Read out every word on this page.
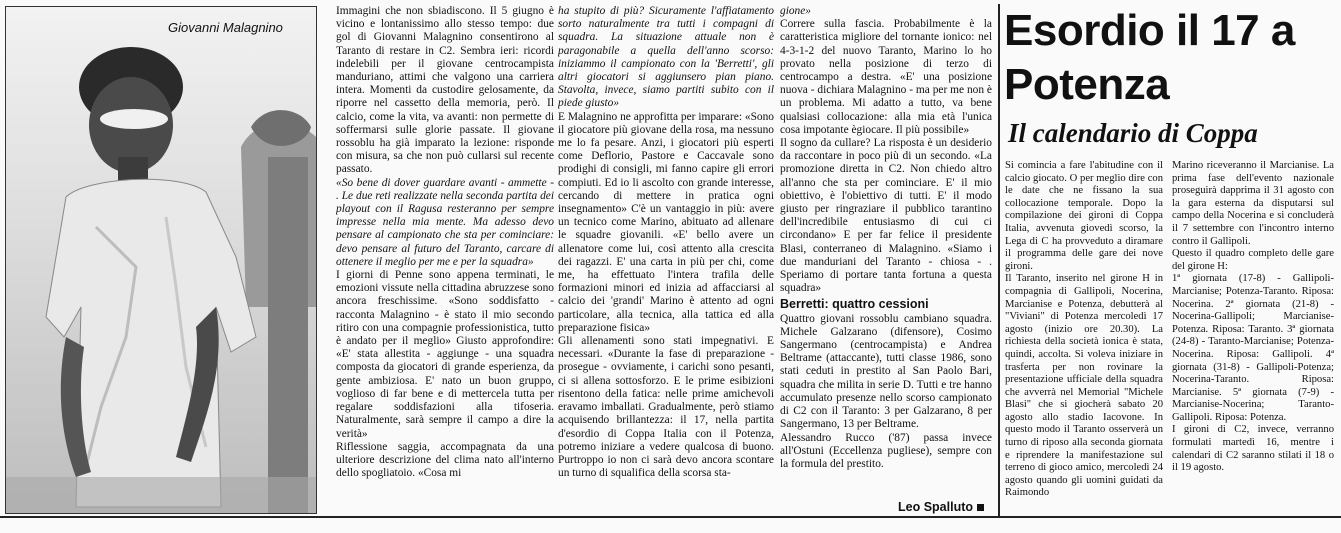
Giovanni Malagnino

Immagini che non sbiadiscono. Il 5 giugno è vicino e lontanissimo allo stesso tempo: due gol di Giovanni Malagnino consentirono al Taranto di restare in C2. Sembra ieri: ricordi indelebili per il giovane centrocampista manduriano, attimi che valgono una carriera intera. Momenti da custodire gelosamente, da riporre nel cassetto della memoria, però. Il calcio, come la vita, va avanti: non permette di soffermarsi sulle glorie passate. Il giovane rossoblu ha già imparato la lezione: risponde con misura, sa che non può cullarsi sul recente passato.

«So bene di dover guardare avanti - ammette - . Le due reti realizzate nella seconda partita dei playout con il Ragusa resteranno per sempre impresse nella mia mente. Ma adesso devo pensare al campionato che sta per cominciare: devo pensare al futuro del Taranto, carcare di ottenere il meglio per me e per la squadra»

I giorni di Penne sono appena terminati, le emozioni vissute nella cittadina abruzzese sono ancora freschissime. «Sono soddisfatto - racconta Malagnino - è stato il mio secondo ritiro con una compagnie professionistica, tutto è andato per il meglio» Giusto approfondire: «E' stata allestita - aggiunge - una squadra composta da giocatori di grande esperienza, da gente ambiziosa. E' nato un buon gruppo, voglioso di far bene e di mettercela tutta per regalare soddisfazioni alla tifoseria. Naturalmente, sarà sempre il campo a dire la verità»

Riflessione saggia, accompagnata da una ulteriore descrizione del clima nato all'interno dello spogliatoio. «Cosa mi

ha stupito di più? Sicuramente l'affiatamento sorto naturalmente tra tutti i compagni di squadra. La situazione attuale non è paragonabile a quella dell'anno scorso: iniziammo il campionato con la 'Berretti', gli altri giocatori si aggiunsero pian piano. Stavolta, invece, siamo partiti subito con il piede giusto»

E Malagnino ne approfitta per imparare: «Sono il giocatore più giovane della rosa, ma nessuno me lo fa pesare. Anzi, i giocatori più esperti come Deflorio, Pastore e Caccavale sono prodighi di consigli, mi fanno capire gli errori compiuti. Ed io li ascolto con grande interesse, cercando di mettere in pratica ogni insegnamento» C'è un vantaggio in più: avere un tecnico come Marino, abituato ad allenare le squadre giovanili. «E' bello avere un allenatore come lui, così attento alla crescita dei ragazzi. E' una carta in più per chi, come me, ha effettuato l'intera trafila delle formazioni minori ed inizia ad affacciarsi al calcio dei 'grandi' Marino è attento ad ogni particolare, alla tecnica, alla tattica ed alla preparazione fisica»

Gli allenamenti sono stati impegnativi. E necessari. «Durante la fase di preparazione - prosegue - ovviamente, i carichi sono pesanti, ci si allena sottosforzo. E le prime esibizioni risentono della fatica: nelle prime amichevoli eravamo imballati. Gradualmente, però stiamo acquisendo brillantezza: il 17, nella partita d'esordio di Coppa Italia con il Potenza, potremo iniziare a vedere qualcosa di buono. Purtroppo io non ci sarà devo ancora scontare un turno di squalifica della scorsa sta-

gione»

Correre sulla fascia. Probabilmente è la caratteristica migliore del tornante ionico: nel 4-3-1-2 del nuovo Taranto, Marino lo ho provato nella posizione di terzo di centrocampo a destra. «E' una posizione nuova - dichiara Malagnino - ma per me non è un problema. Mi adatto a tutto, va bene qualsiasi collocazione: alla mia età l'unica cosa impotante ègiocare. Il più possibile»

Il sogno da cullare? La risposta è un desiderio da raccontare in poco più di un secondo. «La promozione diretta in C2. Non chiedo altro all'anno che sta per cominciare. E' il mio obiettivo, è l'obiettivo di tutti. E' il modo giusto per ringraziare il pubblico tarantino dell'incredibile entusiasmo di cui ci circondano» E per far felice il presidente Blasi, conterraneo di Malagnino. «Siamo i due manduriani del Taranto - chiosa - . Speriamo di portare tanta fortuna a questa squadra»

Berretti: quattro cessioni

Quattro giovani rossoblu cambiano squadra. Michele Galzarano (difensore), Cosimo Sangermano (centrocampista) e Andrea Beltrame (attaccante), tutti classe 1986, sono stati ceduti in prestito al San Paolo Bari, squadra che milita in serie D. Tutti e tre hanno accumulato presenze nello scorso campionato di C2 con il Taranto: 3 per Galzarano, 8 per Sangermano, 13 per Beltrame.

Alessandro Rucco ('87) passa invece all'Ostuni (Eccellenza pugliese), sempre con la formula del prestito.

Leo Spalluto
Esordio il 17 a Potenza
Il calendario di Coppa

Si comincia a fare l'abitudine con il calcio giocato. O per meglio dire con le date che ne fissano la sua collocazione temporale. Dopo la compilazione dei gironi di Coppa Italia, avvenuta giovedì scorso, la Lega di C ha provveduto a diramare il programma delle gare dei nove gironi.

Il Taranto, inserito nel girone H in compagnia di Gallipoli, Nocerina, Marcianise e Potenza, debutterà al "Viviani" di Potenza mercoledì 17 agosto (inizio ore 20.30). La richiesta della società ionica è stata, quindi, accolta. Si voleva iniziare in trasferta per non rovinare la presentazione ufficiale della squadra che avverrà nel Memorial "Michele Blasi" che si giocherà sabato 20 agosto allo stadio Iacovone. In questo modo il Taranto osserverà un turno di riposo alla seconda giornata e riprendere la manifestazione sul terreno di gioco amico, mercoledì 24 agosto quando gli uomini guidati da Raimondo

Marino riceveranno il Marcianise. La prima fase dell'evento nazionale proseguirà dapprima il 31 agosto con la gara esterna da disputarsi sul campo della Nocerina e si concluderà il 7 settembre con l'incontro interno contro il Gallipoli.

Questo il quadro completo delle gare del girone H:

1ª giornata (17-8) - Gallipoli-Marcianise; Potenza-Taranto. Riposa: Nocerina. 2ª giornata (21-8) - Nocerina-Gallipoli; Marcianise-Potenza. Riposa: Taranto. 3ª giornata (24-8) - Taranto-Marcianise; Potenza-Nocerina. Riposa: Gallipoli. 4ª giornata (31-8) - Gallipoli-Potenza; Nocerina-Taranto. Riposa: Marcianise. 5ª giornata (7-9) - Marcianise-Nocerina; Taranto-Gallipoli. Riposa: Potenza.

I gironi di C2, invece, verranno formulati martedì 16, mentre i calendari di C2 saranno stilati il 18 o il 19 agosto.
